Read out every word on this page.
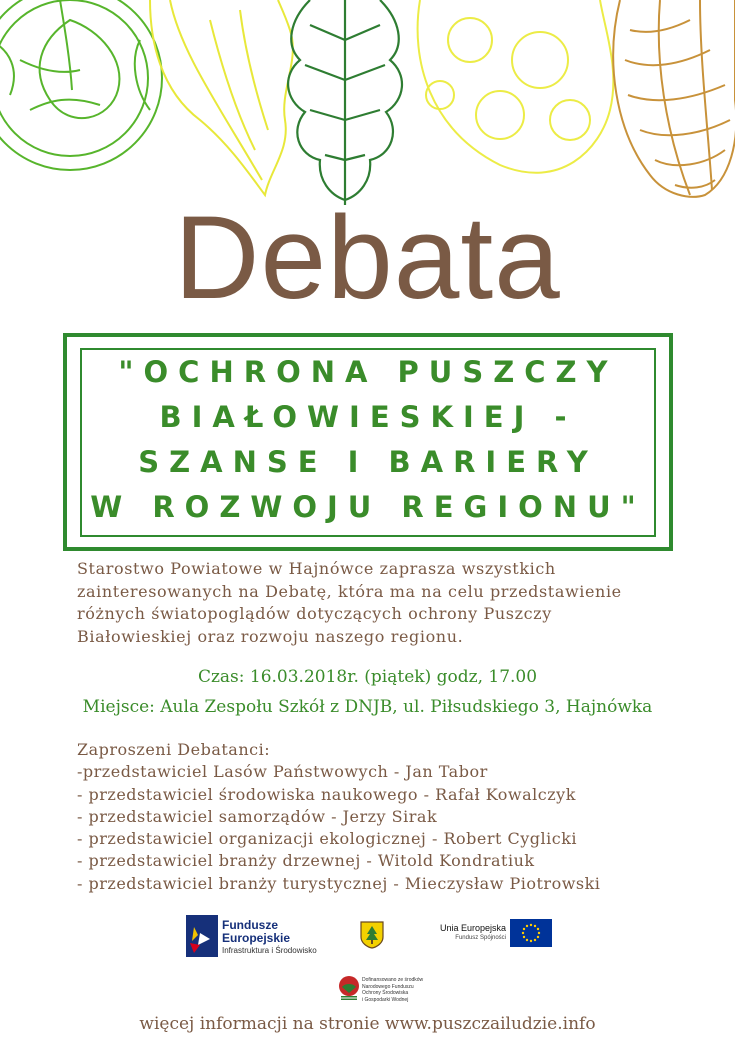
Debata
"OCHRONA PUSZCZY
BIAŁOWIESKIEJ -
SZANSE I BARIERY
W ROZWOJU REGIONU"
Starostwo Powiatowe w Hajnówce zaprasza wszystkich
zainteresowanych na Debatę, która ma na celu przedstawienie
różnych światopoglądów dotyczących ochrony Puszczy
Białowieskiej oraz rozwoju naszego regionu.
Czas: 16.03.2018r. (piątek) godz, 17.00
Miejsce: Aula Zespołu Szkół z DNJB, ul. Piłsudskiego 3, Hajnówka
Zaproszeni Debatanci:
-przedstawiciel Lasów Państwowych - Jan Tabor
- przedstawiciel środowiska naukowego - Rafał Kowalczyk
- przedstawiciel samorządów - Jerzy Sirak
- przedstawiciel organizacji ekologicznej - Robert Cyglicki
- przedstawiciel branży drzewnej - Witold Kondratiuk
- przedstawiciel branży turystycznej - Mieczysław Piotrowski
Fundusze
Europejskie
Infrastruktura i Środowisko
Unia Europejska
Fundusz Spójności
Dofinansowano ze środków
Narodowego Funduszu
Ochrony Środowiska
i Gospodarki Wodnej
więcej informacji na stronie www.puszczailudzie.info
